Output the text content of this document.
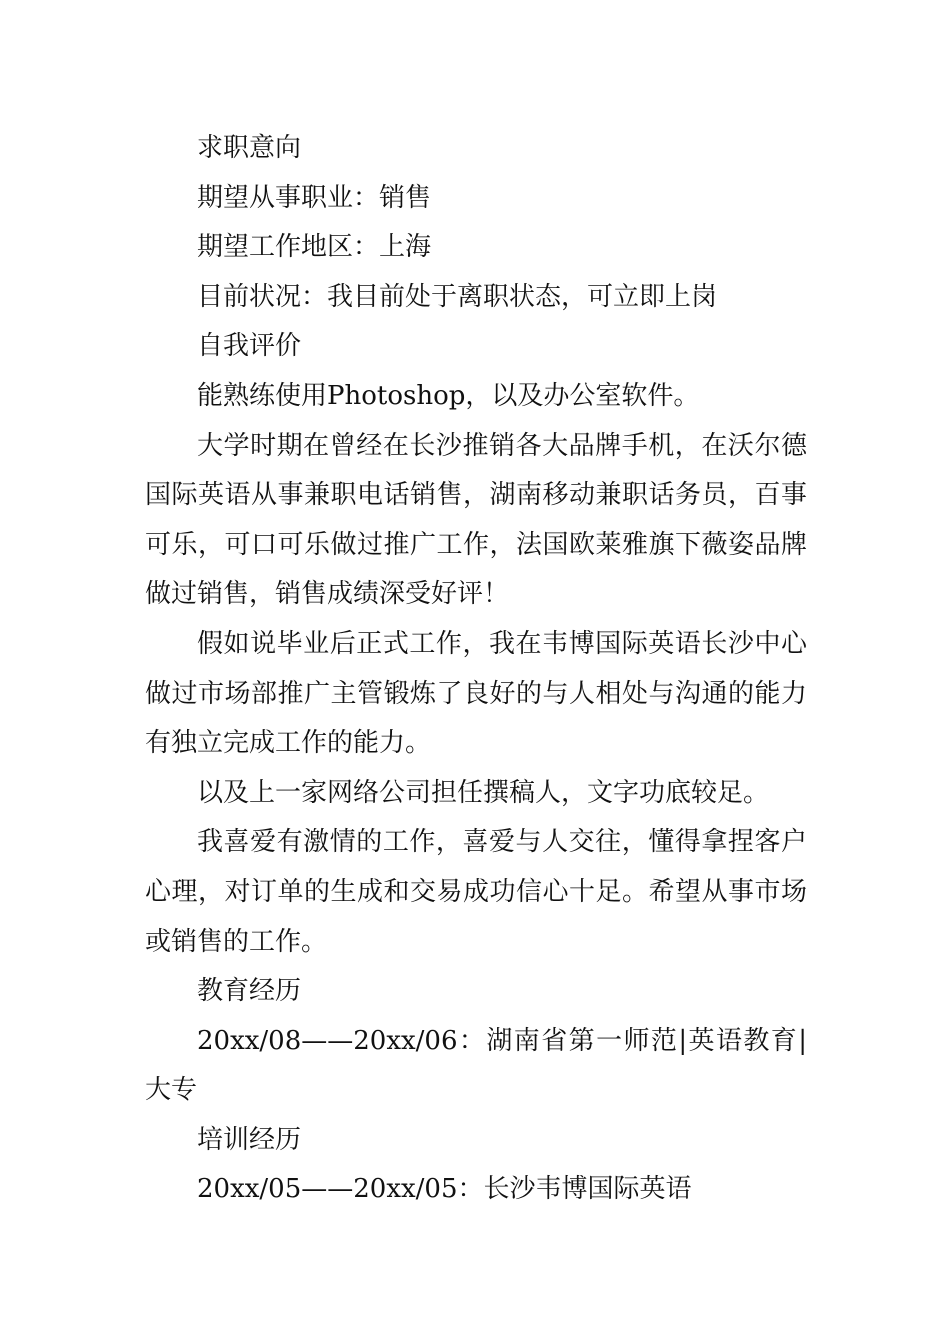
求职意向

期望从事职业：销售

期望工作地区：上海

目前状况：我目前处于离职状态，可立即上岗

自我评价

能熟练使用Photoshop，以及办公室软件。

大学时期在曾经在长沙推销各大品牌手机，在沃尔德国际英语从事兼职电话销售，湖南移动兼职话务员，百事可乐，可口可乐做过推广工作，法国欧莱雅旗下薇姿品牌做过销售，销售成绩深受好评！

假如说毕业后正式工作，我在韦博国际英语长沙中心做过市场部推广主管锻炼了良好的与人相处与沟通的能力有独立完成工作的能力。

以及上一家网络公司担任撰稿人，文字功底较足。

我喜爱有激情的工作，喜爱与人交往，懂得拿捏客户心理，对订单的生成和交易成功信心十足。希望从事市场或销售的工作。

教育经历

20xx/08——20xx/06：湖南省第一师范|英语教育|大专

培训经历

20xx/05——20xx/05：长沙韦博国际英语
